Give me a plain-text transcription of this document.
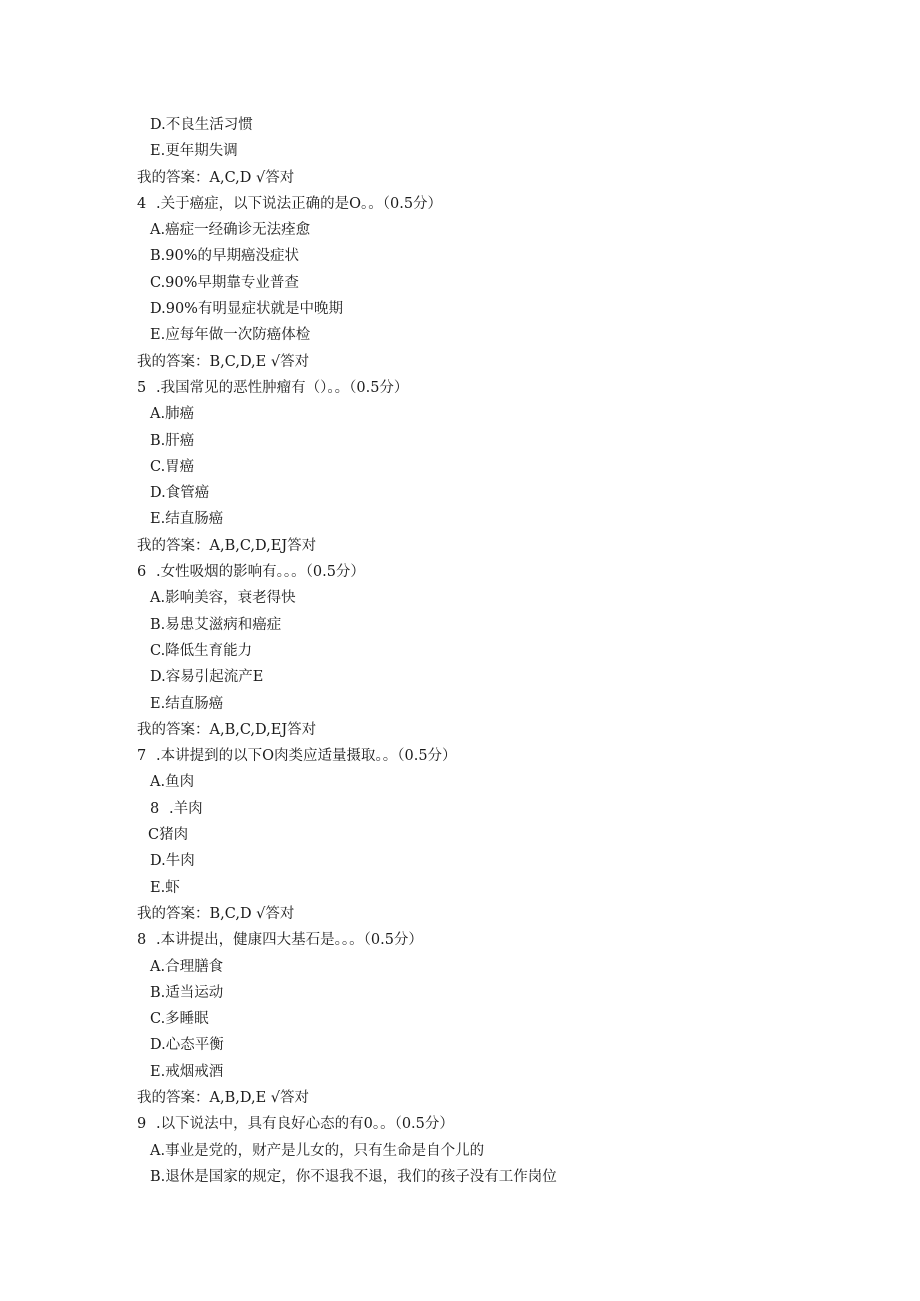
D.不良生活习惯
E.更年期失调
我的答案：A,C,D √答对
4 .关于癌症，以下说法正确的是O。。（0.5分）
A.癌症一经确诊无法痊愈
B.90%的早期癌没症状
C.90%早期靠专业普查
D.90%有明显症状就是中晚期
E.应每年做一次防癌体检
我的答案：B,C,D,E √答对
5 .我国常见的恶性肿瘤有（）。。（0.5分）
A.肺癌
B.肝癌
C.胃癌
D.食管癌
E.结直肠癌
我的答案：A,B,C,D,EJ答对
6 .女性吸烟的影响有。。。（0.5分）
A.影响美容，衰老得快
B.易患艾滋病和癌症
C.降低生育能力
D.容易引起流产E
E.结直肠癌
我的答案：A,B,C,D,EJ答对
7 .本讲提到的以下O肉类应适量摄取。。（0.5分）
A.鱼肉
8 .羊肉
C猪肉
D.牛肉
E.虾
我的答案：B,C,D √答对
8 .本讲提出，健康四大基石是。。。（0.5分）
A.合理膳食
B.适当运动
C.多睡眠
D.心态平衡
E.戒烟戒酒
我的答案：A,B,D,E √答对
9 .以下说法中，具有良好心态的有0。。（0.5分）
A.事业是党的，财产是儿女的，只有生命是自个儿的
B.退休是国家的规定，你不退我不退，我们的孩子没有工作岗位
